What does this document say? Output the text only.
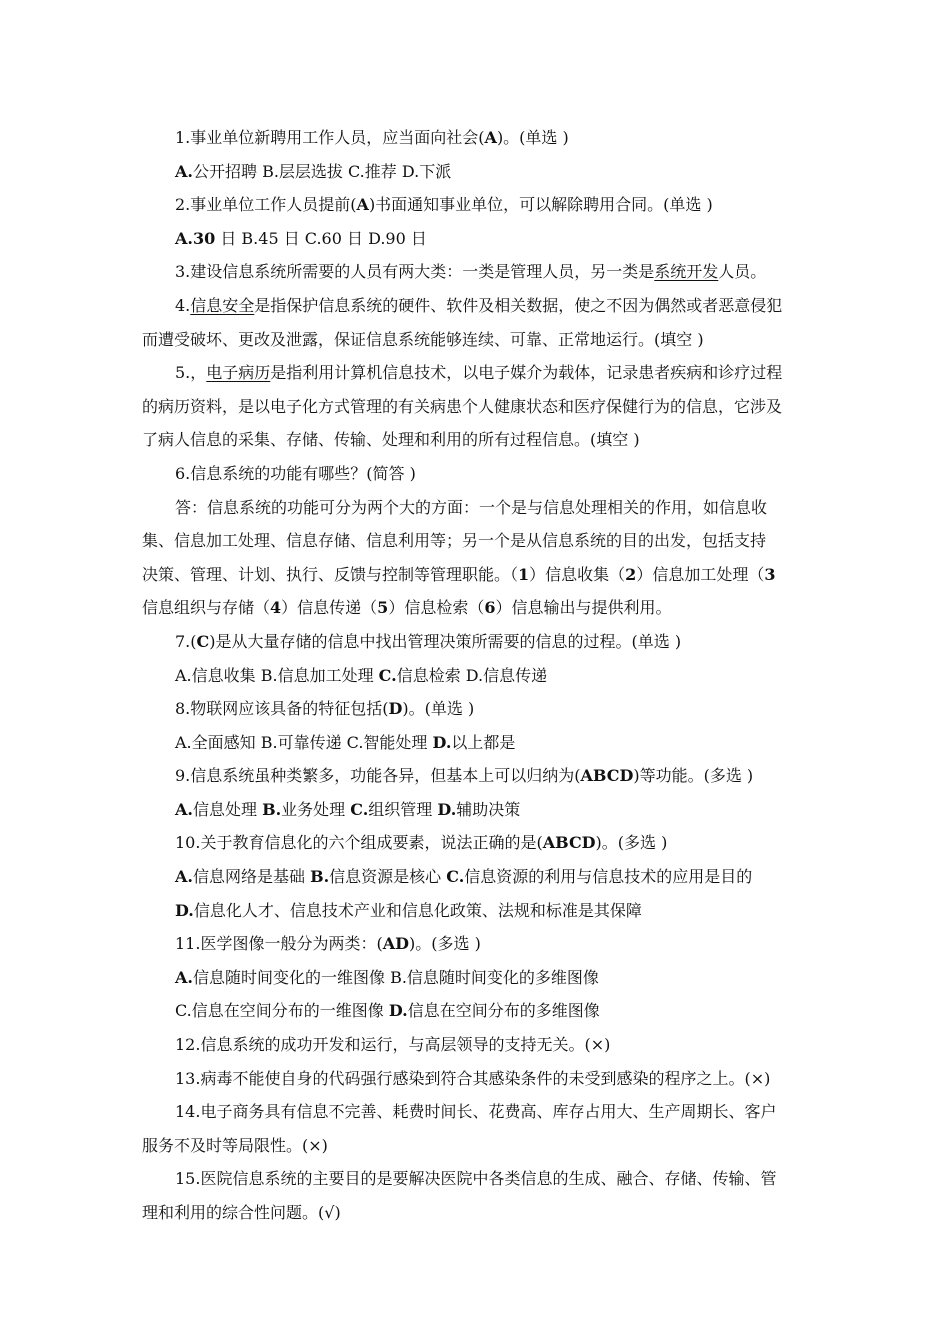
1.事业单位新聘用工作人员，应当面向社会(A)。(单选 )
A.公开招聘 B.层层选拔 C.推荐 D.下派
2.事业单位工作人员提前(A)书面通知事业单位，可以解除聘用合同。(单选 )
A.30 日 B.45 日 C.60 日 D.90 日
3.建设信息系统所需要的人员有两大类：一类是管理人员，另一类是系统开发人员。
4.信息安全是指保护信息系统的硬件、软件及相关数据，使之不因为偶然或者恶意侵犯
而遭受破坏、更改及泄露，保证信息系统能够连续、可靠、正常地运行。(填空 )
5.，电子病历是指利用计算机信息技术，以电子媒介为载体，记录患者疾病和诊疗过程
的病历资料，是以电子化方式管理的有关病患个人健康状态和医疗保健行为的信息，它涉及
了病人信息的采集、存储、传输、处理和利用的所有过程信息。(填空 )
6.信息系统的功能有哪些？(简答 )
答：信息系统的功能可分为两个大的方面：一个是与信息处理相关的作用，如信息收
集、信息加工处理、信息存储、信息利用等；另一个是从信息系统的目的出发，包括支持
决策、管理、计划、执行、反馈与控制等管理职能。（1）信息收集（2）信息加工处理（3
信息组织与存储（4）信息传递（5）信息检索（6）信息输出与提供利用。
7.(C)是从大量存储的信息中找出管理决策所需要的信息的过程。(单选 )
A.信息收集 B.信息加工处理 C.信息检索 D.信息传递
8.物联网应该具备的特征包括(D)。(单选 )
A.全面感知 B.可靠传递 C.智能处理 D.以上都是
9.信息系统虽种类繁多，功能各异，但基本上可以归纳为(ABCD)等功能。(多选 )
A.信息处理 B.业务处理 C.组织管理 D.辅助决策
10.关于教育信息化的六个组成要素，说法正确的是(ABCD)。(多选 )
A.信息网络是基础 B.信息资源是核心 C.信息资源的利用与信息技术的应用是目的
D.信息化人才、信息技术产业和信息化政策、法规和标准是其保障
11.医学图像一般分为两类：(AD)。(多选 )
A.信息随时间变化的一维图像 B.信息随时间变化的多维图像
C.信息在空间分布的一维图像 D.信息在空间分布的多维图像
12.信息系统的成功开发和运行，与高层领导的支持无关。(×)
13.病毒不能使自身的代码强行感染到符合其感染条件的未受到感染的程序之上。(×)
14.电子商务具有信息不完善、耗费时间长、花费高、库存占用大、生产周期长、客户
服务不及时等局限性。(×)
15.医院信息系统的主要目的是要解决医院中各类信息的生成、融合、存储、传输、管
理和利用的综合性问题。(√)
